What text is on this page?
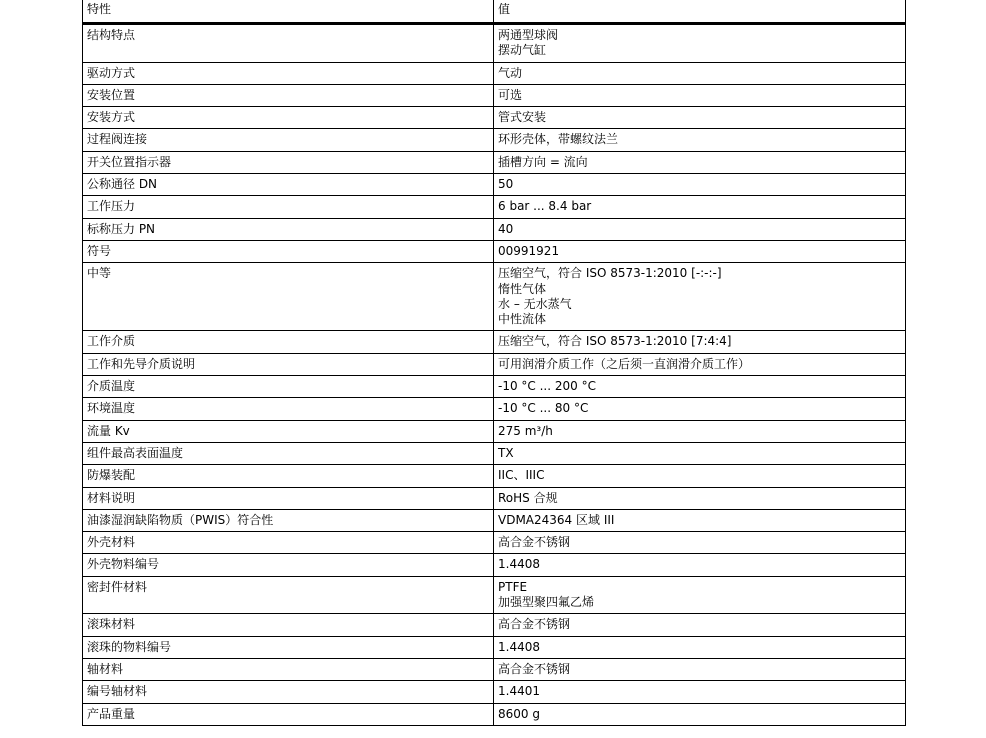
特性	值
结构特点	两通型球阀
摆动气缸
驱动方式	气动
安装位置	可选
安装方式	管式安装
过程阀连接	环形壳体，带螺纹法兰
开关位置指示器	插槽方向 = 流向
公称通径 DN	50
工作压力	6 bar ... 8.4 bar
标称压力 PN	40
符号	00991921
中等	压缩空气，符合 ISO 8573-1:2010 [-:-:-]
惰性气体
水 – 无水蒸气
中性流体
工作介质	压缩空气，符合 ISO 8573-1:2010 [7:4:4]
工作和先导介质说明	可用润滑介质工作（之后须一直润滑介质工作）
介质温度	-10 °C ... 200 °C
环境温度	-10 °C ... 80 °C
流量 Kv	275 m³/h
组件最高表面温度	TX
防爆装配	IIC、IIIC
材料说明	RoHS 合规
油漆湿润缺陷物质（PWIS）符合性	VDMA24364 区域 III
外壳材料	高合金不锈钢
外壳物料编号	1.4408
密封件材料	PTFE
加强型聚四氟乙烯
滚珠材料	高合金不锈钢
滚珠的物料编号	1.4408
轴材料	高合金不锈钢
编号轴材料	1.4401
产品重量	8600 g
